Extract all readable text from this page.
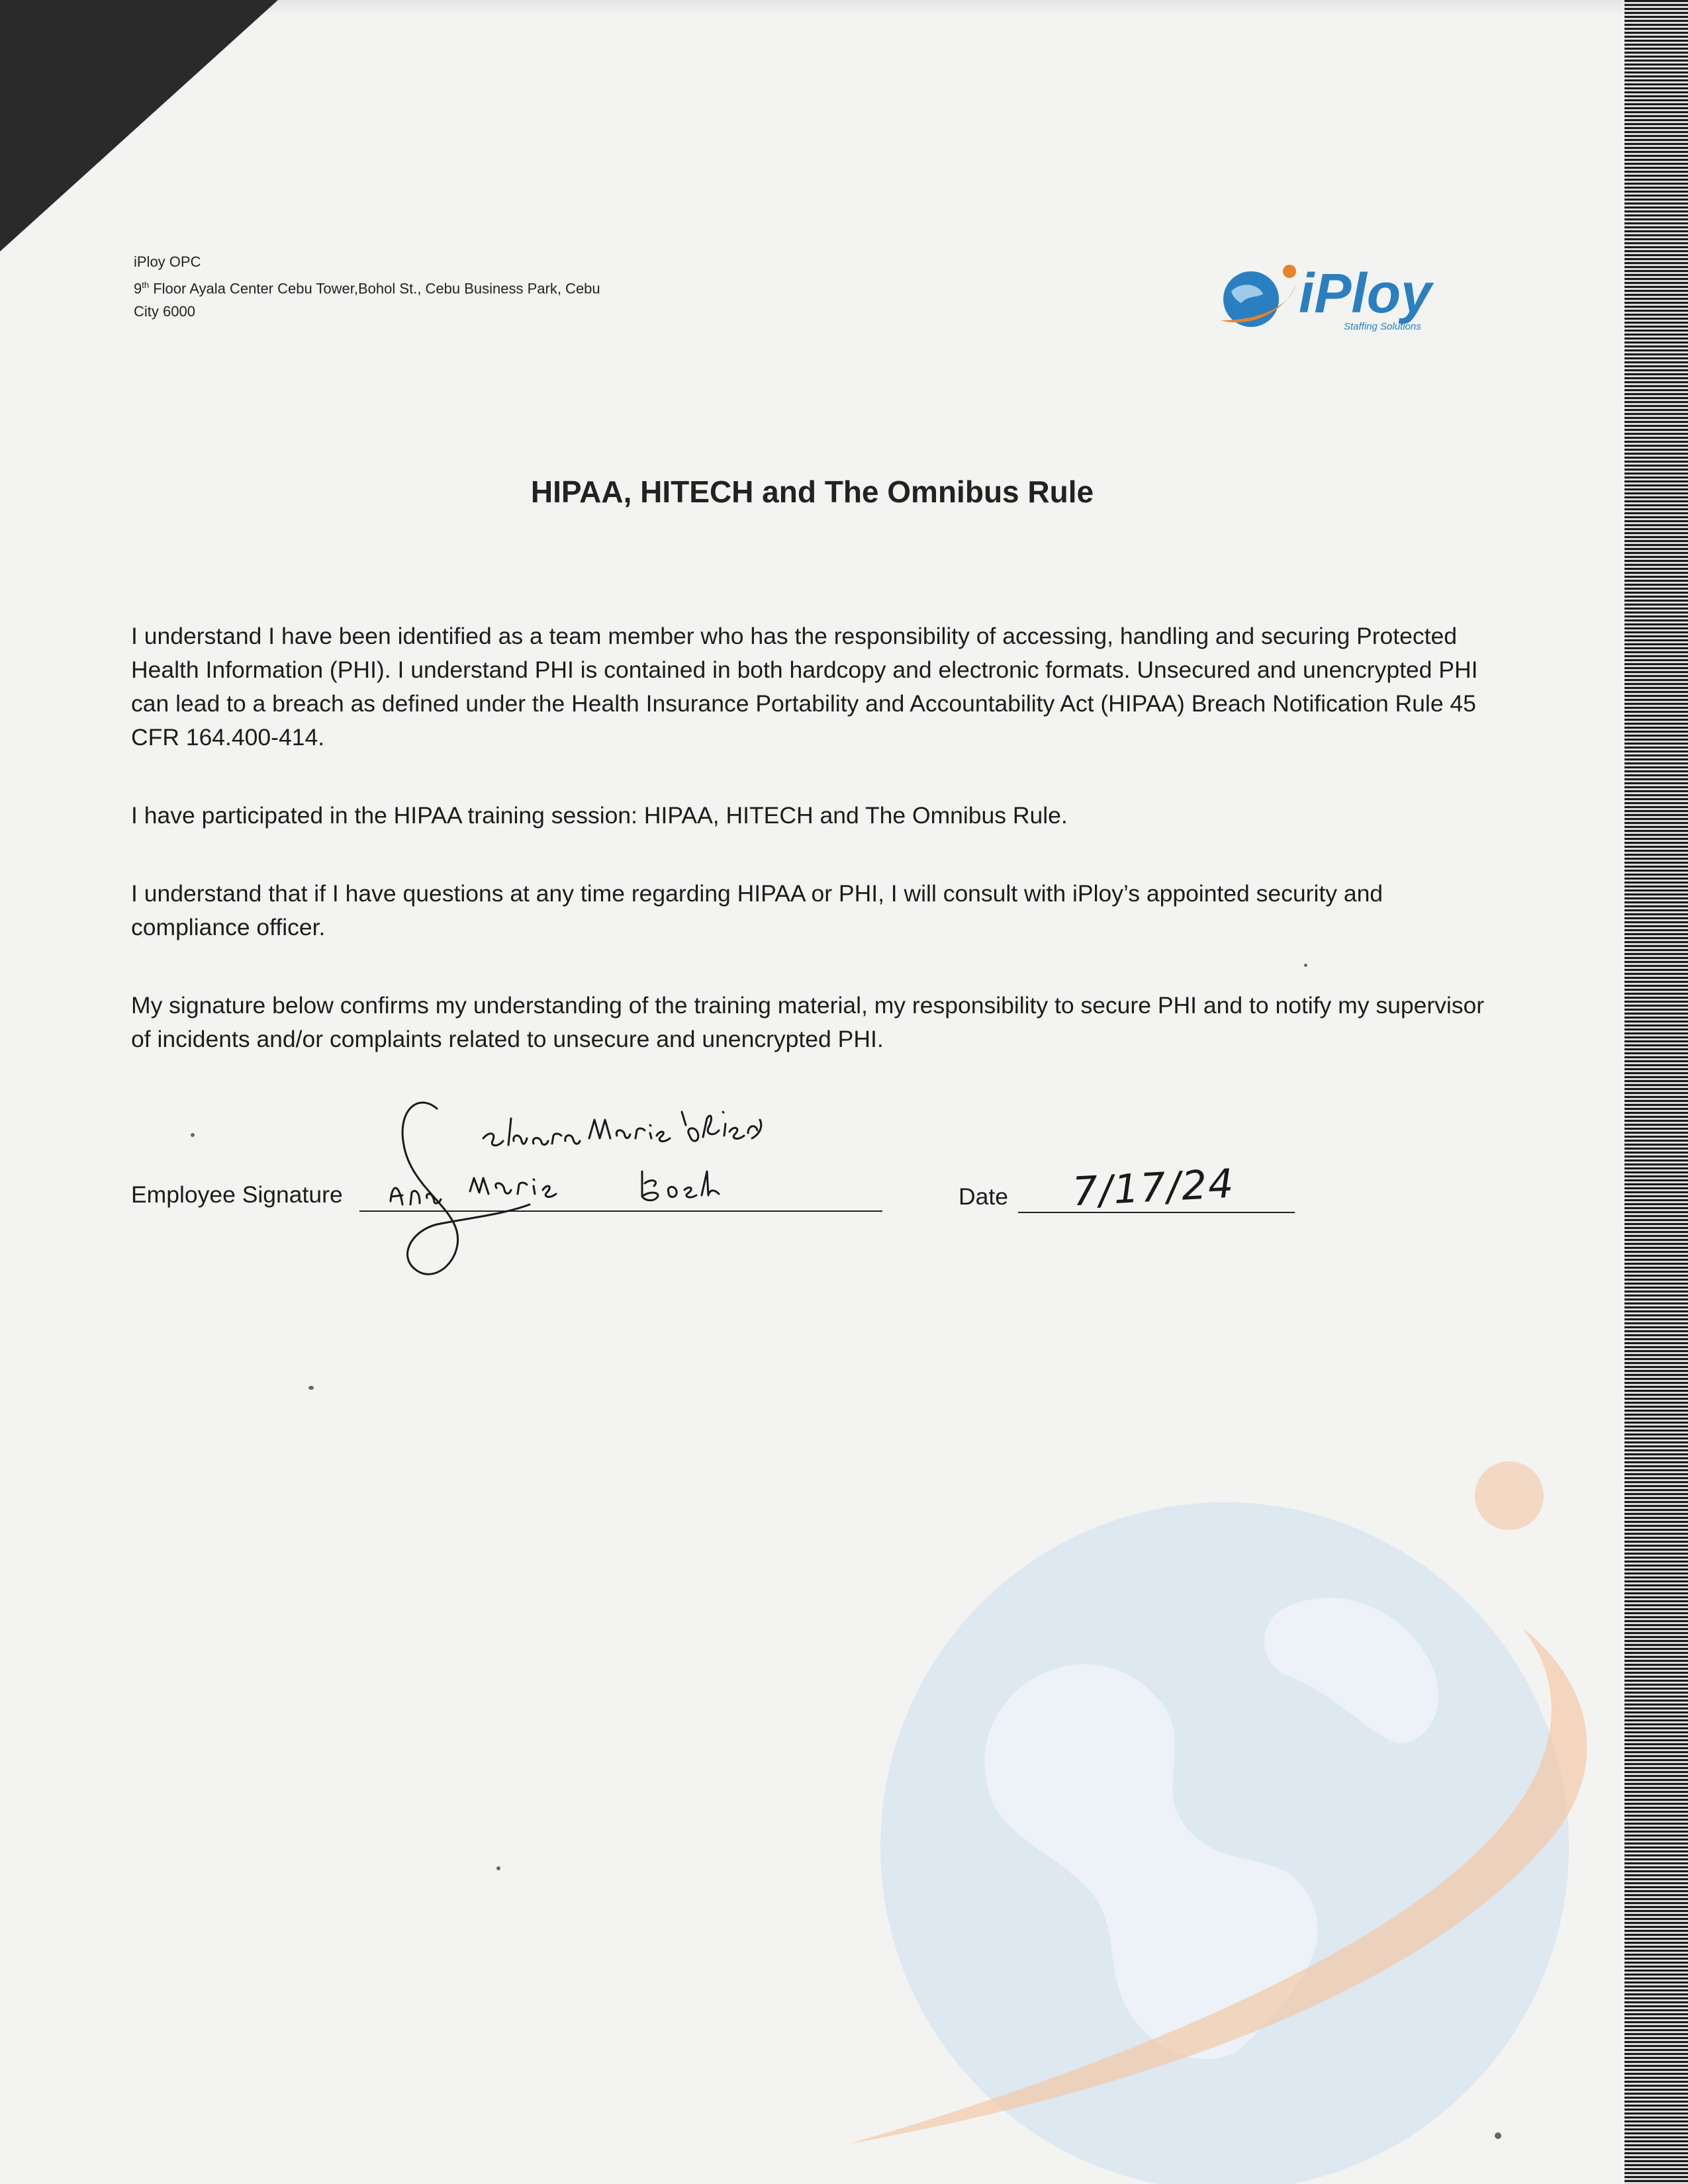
iPloy OPC
9th Floor Ayala Center Cebu Tower,Bohol St., Cebu Business Park, Cebu
City 6000	iPloy
Staffing Solutions
HIPAA, HITECH and The Omnibus Rule

I understand I have been identified as a team member who has the responsibility of accessing, handling and securing Protected Health Information (PHI). I understand PHI is contained in both hardcopy and electronic formats. Unsecured and unencrypted PHI can lead to a breach as defined under the Health Insurance Portability and Accountability Act (HIPAA) Breach Notification Rule 45 CFR 164.400-414.

I have participated in the HIPAA training session: HIPAA, HITECH and The Omnibus Rule.

I understand that if I have questions at any time regarding HIPAA or PHI, I will consult with iPloy’s appointed security and compliance officer.

My signature below confirms my understanding of the training material, my responsibility to secure PHI and to notify my supervisor of incidents and/or complaints related to unsecure and unencrypted PHI.

Employee Signature	Date 7/17/24
